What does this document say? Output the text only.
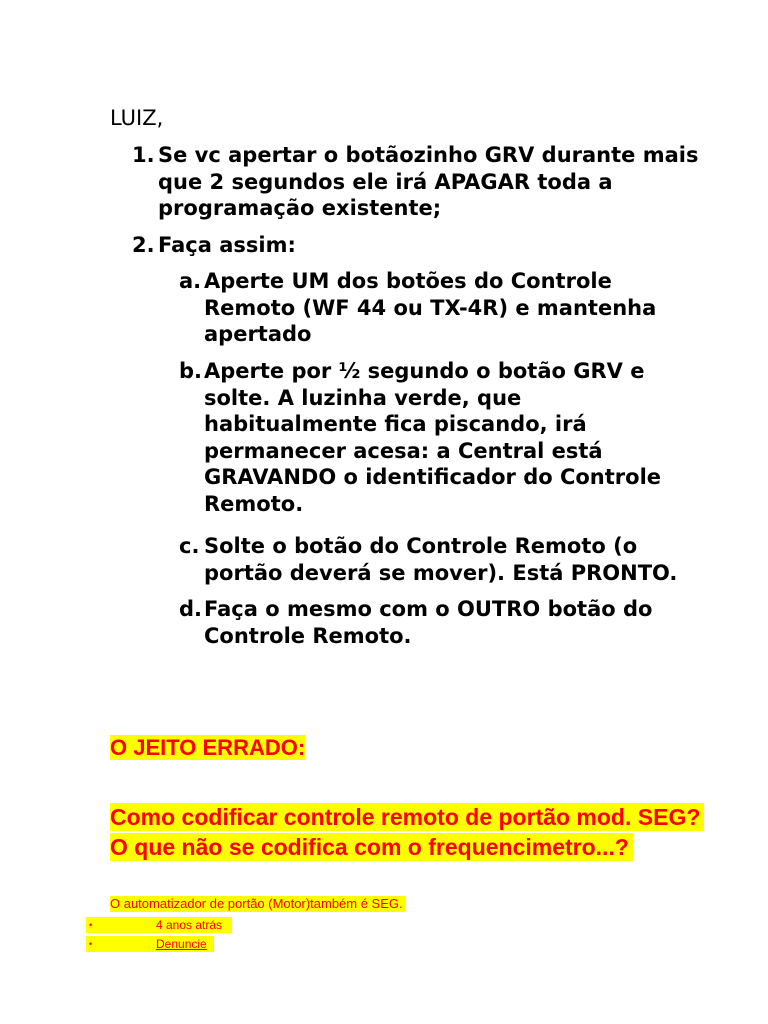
LUIZ,

1. Se vc apertar o botãozinho GRV durante mais que 2 segundos ele irá APAGAR toda a programação existente;
2. Faça assim:
a. Aperte UM dos botões do Controle Remoto (WF 44 ou TX-4R) e mantenha apertado
b. Aperte por ½ segundo o botão GRV e solte. A luzinha verde, que habitualmente fica piscando, irá permanecer acesa: a Central está GRAVANDO o identificador do Controle Remoto.
c. Solte o botão do Controle Remoto (o portão deverá se mover). Está PRONTO.
d. Faça o mesmo com o OUTRO botão do Controle Remoto.

O JEITO ERRADO:

Como codificar controle remoto de portão mod. SEG? O que não se codifica com o frequencimetro...?

O automatizador de portão (Motor)também é SEG.

•	4 anos atrás
•	Denuncie
